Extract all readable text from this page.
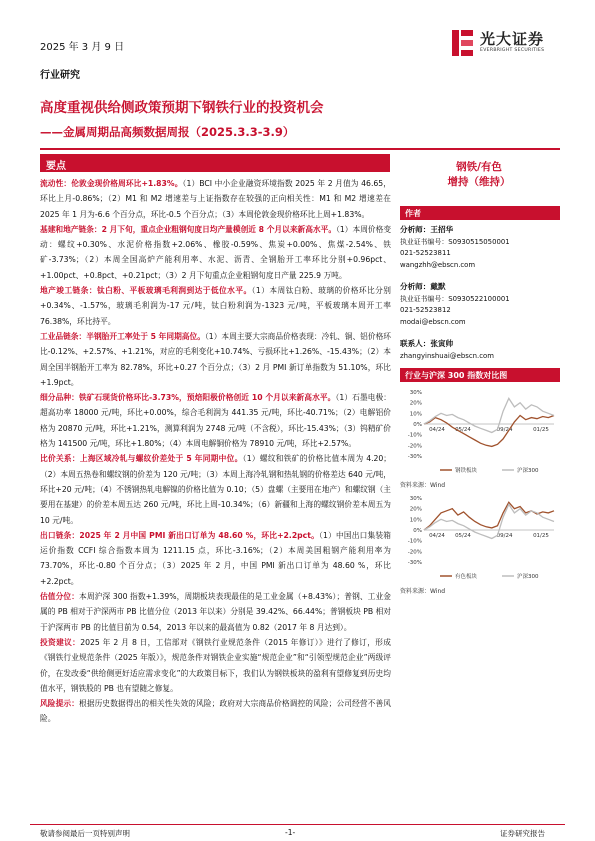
2025 年 3 月 9 日	光大证券
EVERBRIGHT SECURITIES
行业研究
高度重视供给侧政策预期下钢铁行业的投资机会
——金属周期品高频数据周报（2025.3.3-3.9）
要点

流动性：伦敦金现价格周环比+1.83%。（1）BCI 中小企业融资环境指数 2025 年 2 月值为 46.65，环比上月-0.86%；（2）M1 和 M2 增速差与上证指数存在较强的正向相关性：M1 和 M2 增速差在 2025 年 1 月为-6.6 个百分点，环比-0.5 个百分点；（3）本周伦敦金现价格环比上周+1.83%。

基建和地产链条：2 月下旬，重点企业粗钢旬度日均产量模创近 8 个月以来新高水平。（1）本周价格变动：螺纹+0.30%、水泥价格指数+2.06%、橡胶-0.59%、焦炭+0.00%、焦煤-2.54%、铁矿-3.73%；（2）本周全国高炉产能利用率、水泥、沥青、全钢胎开工率环比分别+0.96pct、+1.00pct、+0.8pct、+0.21pct；（3）2 月下旬重点企业粗钢旬度日产量 225.9 万吨。

地产竣工链条：钛白粉、平板玻璃毛利润到达于低位水平。（1）本周钛白粉、玻璃的价格环比分别+0.34%、-1.57%，玻璃毛利润为-17 元/吨，钛白粉利润为-1323 元/吨，平板玻璃本周开工率 76.38%，环比持平。

工业品链条：半钢胎开工率处于 5 年同期高位。（1）本周主要大宗商品价格表现：冷轧、铜、铝价格环比-0.12%、+2.57%、+1.21%，对应的毛利变化+10.74%、亏损环比+1.26%、-15.43%；（2）本周全国半钢胎开工率为 82.78%，环比+0.27 个百分点；（3）2 月 PMI 新订单指数为 51.10%，环比+1.9pct。

细分品种：铁矿石现货价格环比-3.73%，预焙阳极价格创近 10 个月以来新高水平。（1）石墨电极：超高功率 18000 元/吨，环比+0.00%，综合毛利润为 441.35 元/吨，环比-40.71%；（2）电解铝价格为 20870 元/吨，环比+1.21%，测算利润为 2748 元/吨（不含税），环比-15.43%；（3）钨精矿价格为 141500 元/吨，环比+1.80%；（4）本周电解铜价格为 78910 元/吨，环比+2.57%。

比价关系：上海区域冷轧与螺纹价差处于 5 年同期中位。（1）螺纹和铁矿的价格比值本周为 4.20；（2）本周五热卷和螺纹钢的价差为 120 元/吨；（3）本周上海冷轧钢和热轧钢的价格差达 640 元/吨，环比+20 元/吨；（4）不锈钢热轧电解镍的价格比值为 0.10；（5）盘螺（主要用在地产）和螺纹钢（主要用在基建）的价差本周五达 260 元/吨，环比上周-10.34%；（6）新疆和上海的螺纹钢价差本周五为 10 元/吨。

出口链条：2025 年 2 月中国 PMI 新出口订单为 48.60 %，环比+2.2pct。（1）中国出口集装箱运价指数 CCFI 综合指数本周为 1211.15 点，环比-3.16%；（2）本周美国粗钢产能利用率为 73.70%，环比-0.80 个百分点；（3）2025 年 2 月，中国 PMI 新出口订单为 48.60 %，环比+2.2pct。

估值分位：本周沪深 300 指数+1.39%，周期板块表现最佳的是工业金属（+8.43%）；普钢、工业金属的 PB 相对于沪深两市 PB 比值分位（2013 年以来）分别是 39.42%、66.44%；普钢板块 PB 相对于沪深两市 PB 的比值目前为 0.54，2013 年以来的最高值为 0.82（2017 年 8 月达到）。

投资建议：2025 年 2 月 8 日，工信部对《钢铁行业规范条件（2015 年修订）》进行了修订，形成《钢铁行业规范条件（2025 年版）》，规范条件对钢铁企业实施“规范企业”和“引领型规范企业”两级评价，在发改委“供给侧更好适应需求变化”的大政策目标下，我们认为钢铁板块的盈利有望修复到历史均值水平，钢铁股的 PB 也有望随之修复。

风险提示：根据历史数据得出的相关性失效的风险；政府对大宗商品价格调控的风险；公司经营不善风险。

钢铁/有色
增持（维持）
作者
分析师：王招华
执业证书编号：S0930515050001
021-52523811
wangzhh@ebscn.com
分析师：戴默
执业证书编号：S0930522100001
021-52523812
modai@ebscn.com
联系人：张寅帅
zhangyinshuai@ebscn.com
行业与沪深 300 指数对比图
30%
20%
10%
0%
-10%
-20%
-30%
04/24 05/24	09/24	01/25
钢铁板块	沪深300
资料来源：Wind
30%
20%
10%
0%
-10%
-20%
-30%
04/24 05/24	09/24	01/25
有色板块	沪深300
资料来源：Wind
敬请参阅最后一页特别声明	-1-	证券研究报告
